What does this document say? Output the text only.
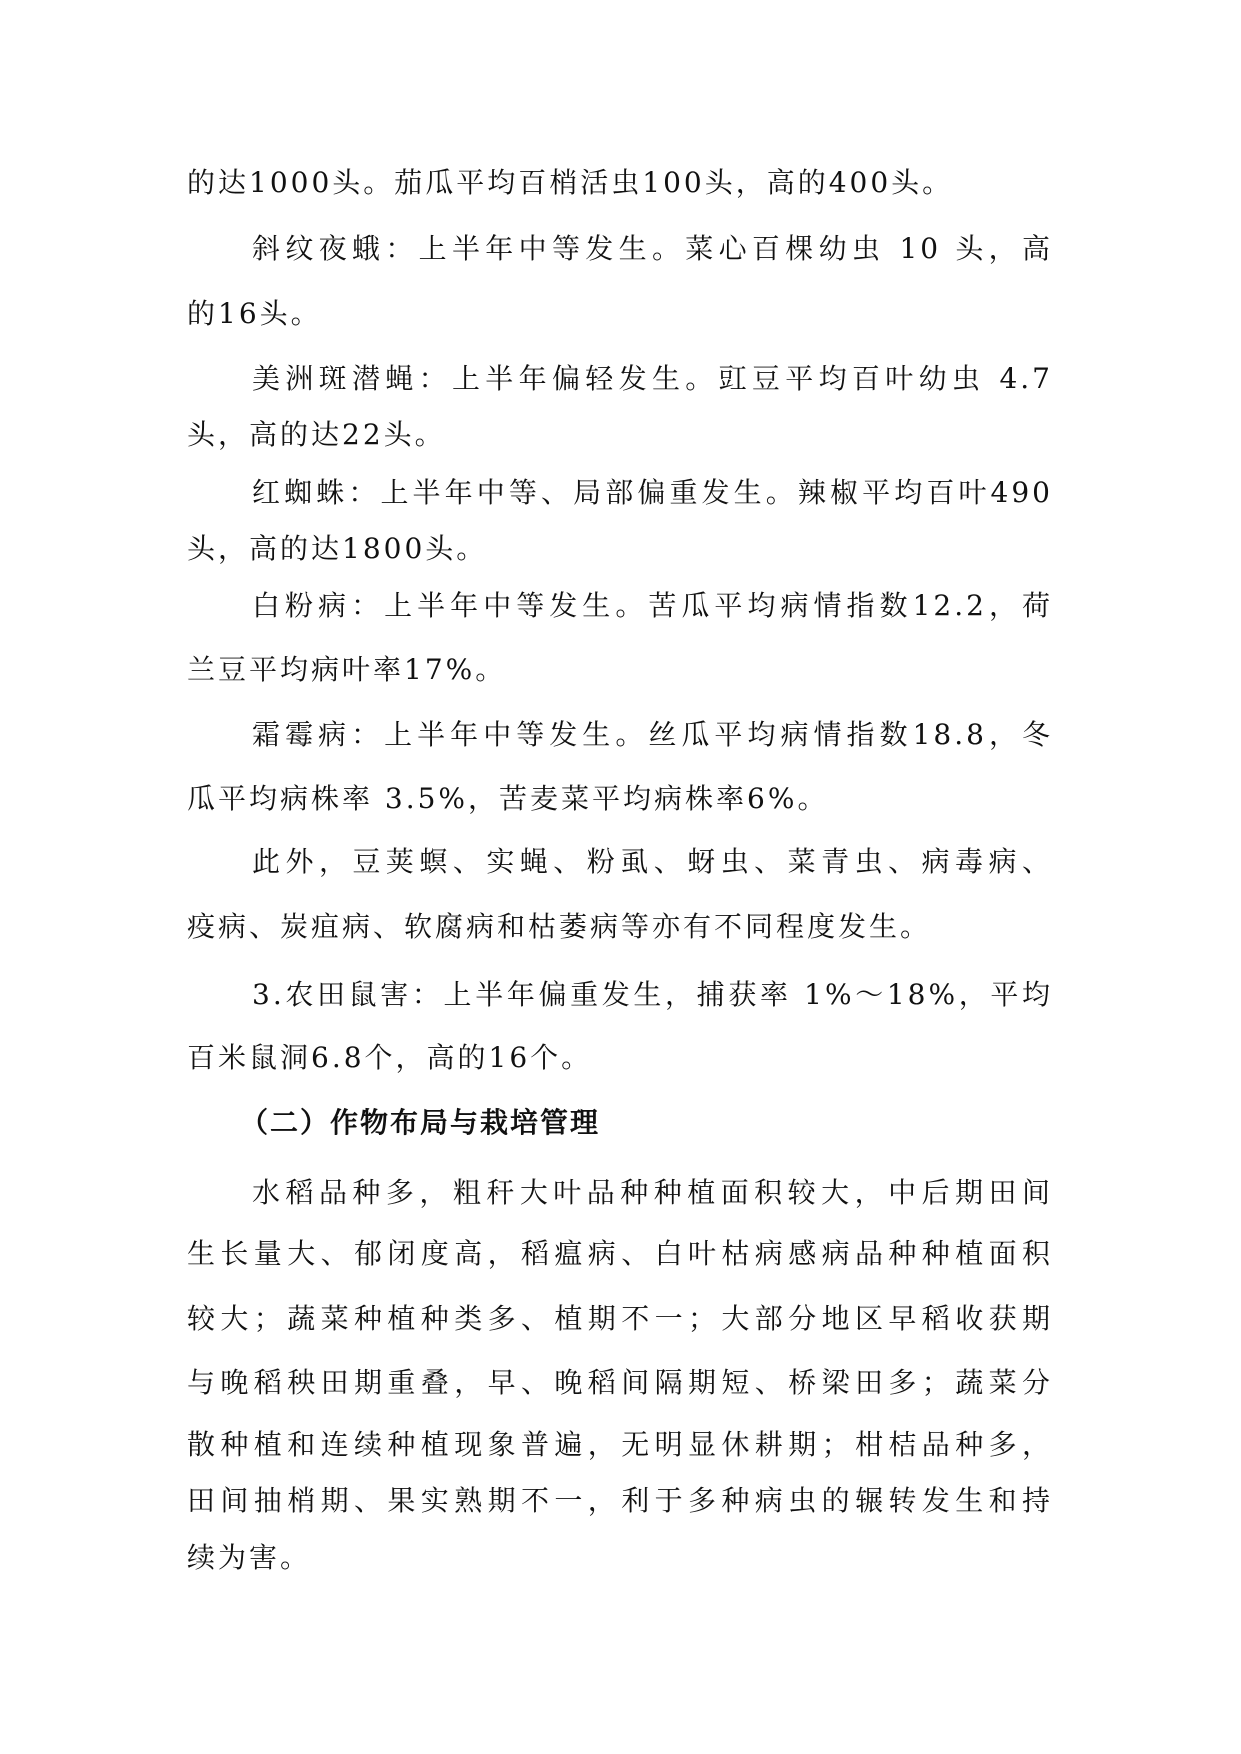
的达1000头。茄瓜平均百梢活虫100头，高的400头。
斜纹夜蛾：上半年中等发生。菜心百棵幼虫 10 头，高
的16头。
美洲斑潜蝇：上半年偏轻发生。豇豆平均百叶幼虫 4.7
头，高的达22头。
红蜘蛛：上半年中等、局部偏重发生。辣椒平均百叶490
头，高的达1800头。
白粉病：上半年中等发生。苦瓜平均病情指数12.2，荷
兰豆平均病叶率17%。
霜霉病：上半年中等发生。丝瓜平均病情指数18.8，冬
瓜平均病株率 3.5%，苦麦菜平均病株率6%。
此外，豆荚螟、实蝇、粉虱、蚜虫、菜青虫、病毒病、
疫病、炭疽病、软腐病和枯萎病等亦有不同程度发生。
3.农田鼠害：上半年偏重发生，捕获率 1%～18%，平均
百米鼠洞6.8个，高的16个。
（二）作物布局与栽培管理
水稻品种多，粗秆大叶品种种植面积较大，中后期田间
生长量大、郁闭度高，稻瘟病、白叶枯病感病品种种植面积
较大；蔬菜种植种类多、植期不一；大部分地区早稻收获期
与晚稻秧田期重叠，早、晚稻间隔期短、桥梁田多；蔬菜分
散种植和连续种植现象普遍，无明显休耕期；柑桔品种多，
田间抽梢期、果实熟期不一，利于多种病虫的辗转发生和持
续为害。
